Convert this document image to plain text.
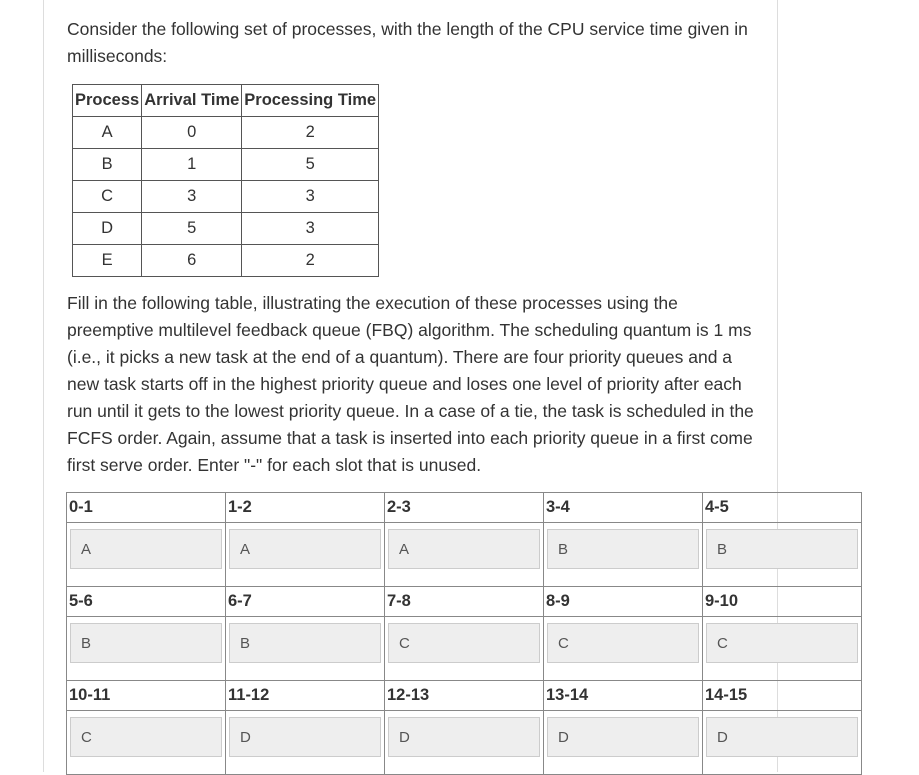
Consider the following set of processes, with the length of the CPU service time given in milliseconds:

Process	Arrival Time	Processing Time
A	0	2
B	1	5
C	3	3
D	5	3
E	6	2

Fill in the following table, illustrating the execution of these processes using the preemptive multilevel feedback queue (FBQ) algorithm. The scheduling quantum is 1 ms (i.e., it picks a new task at the end of a quantum). There are four priority queues and a new task starts off in the highest priority queue and loses one level of priority after each run until it gets to the lowest priority queue. In a case of a tie, the task is scheduled in the FCFS order. Again, assume that a task is inserted into each priority queue in a first come first serve order. Enter "-" for each slot that is unused.

0-1	1-2	2-3	3-4	4-5

A	A	A	B	B

5-6	6-7	7-8	8-9	9-10

B	B	C	C	C

10-11	11-12	12-13	13-14	14-15

C	D	D	D	D
